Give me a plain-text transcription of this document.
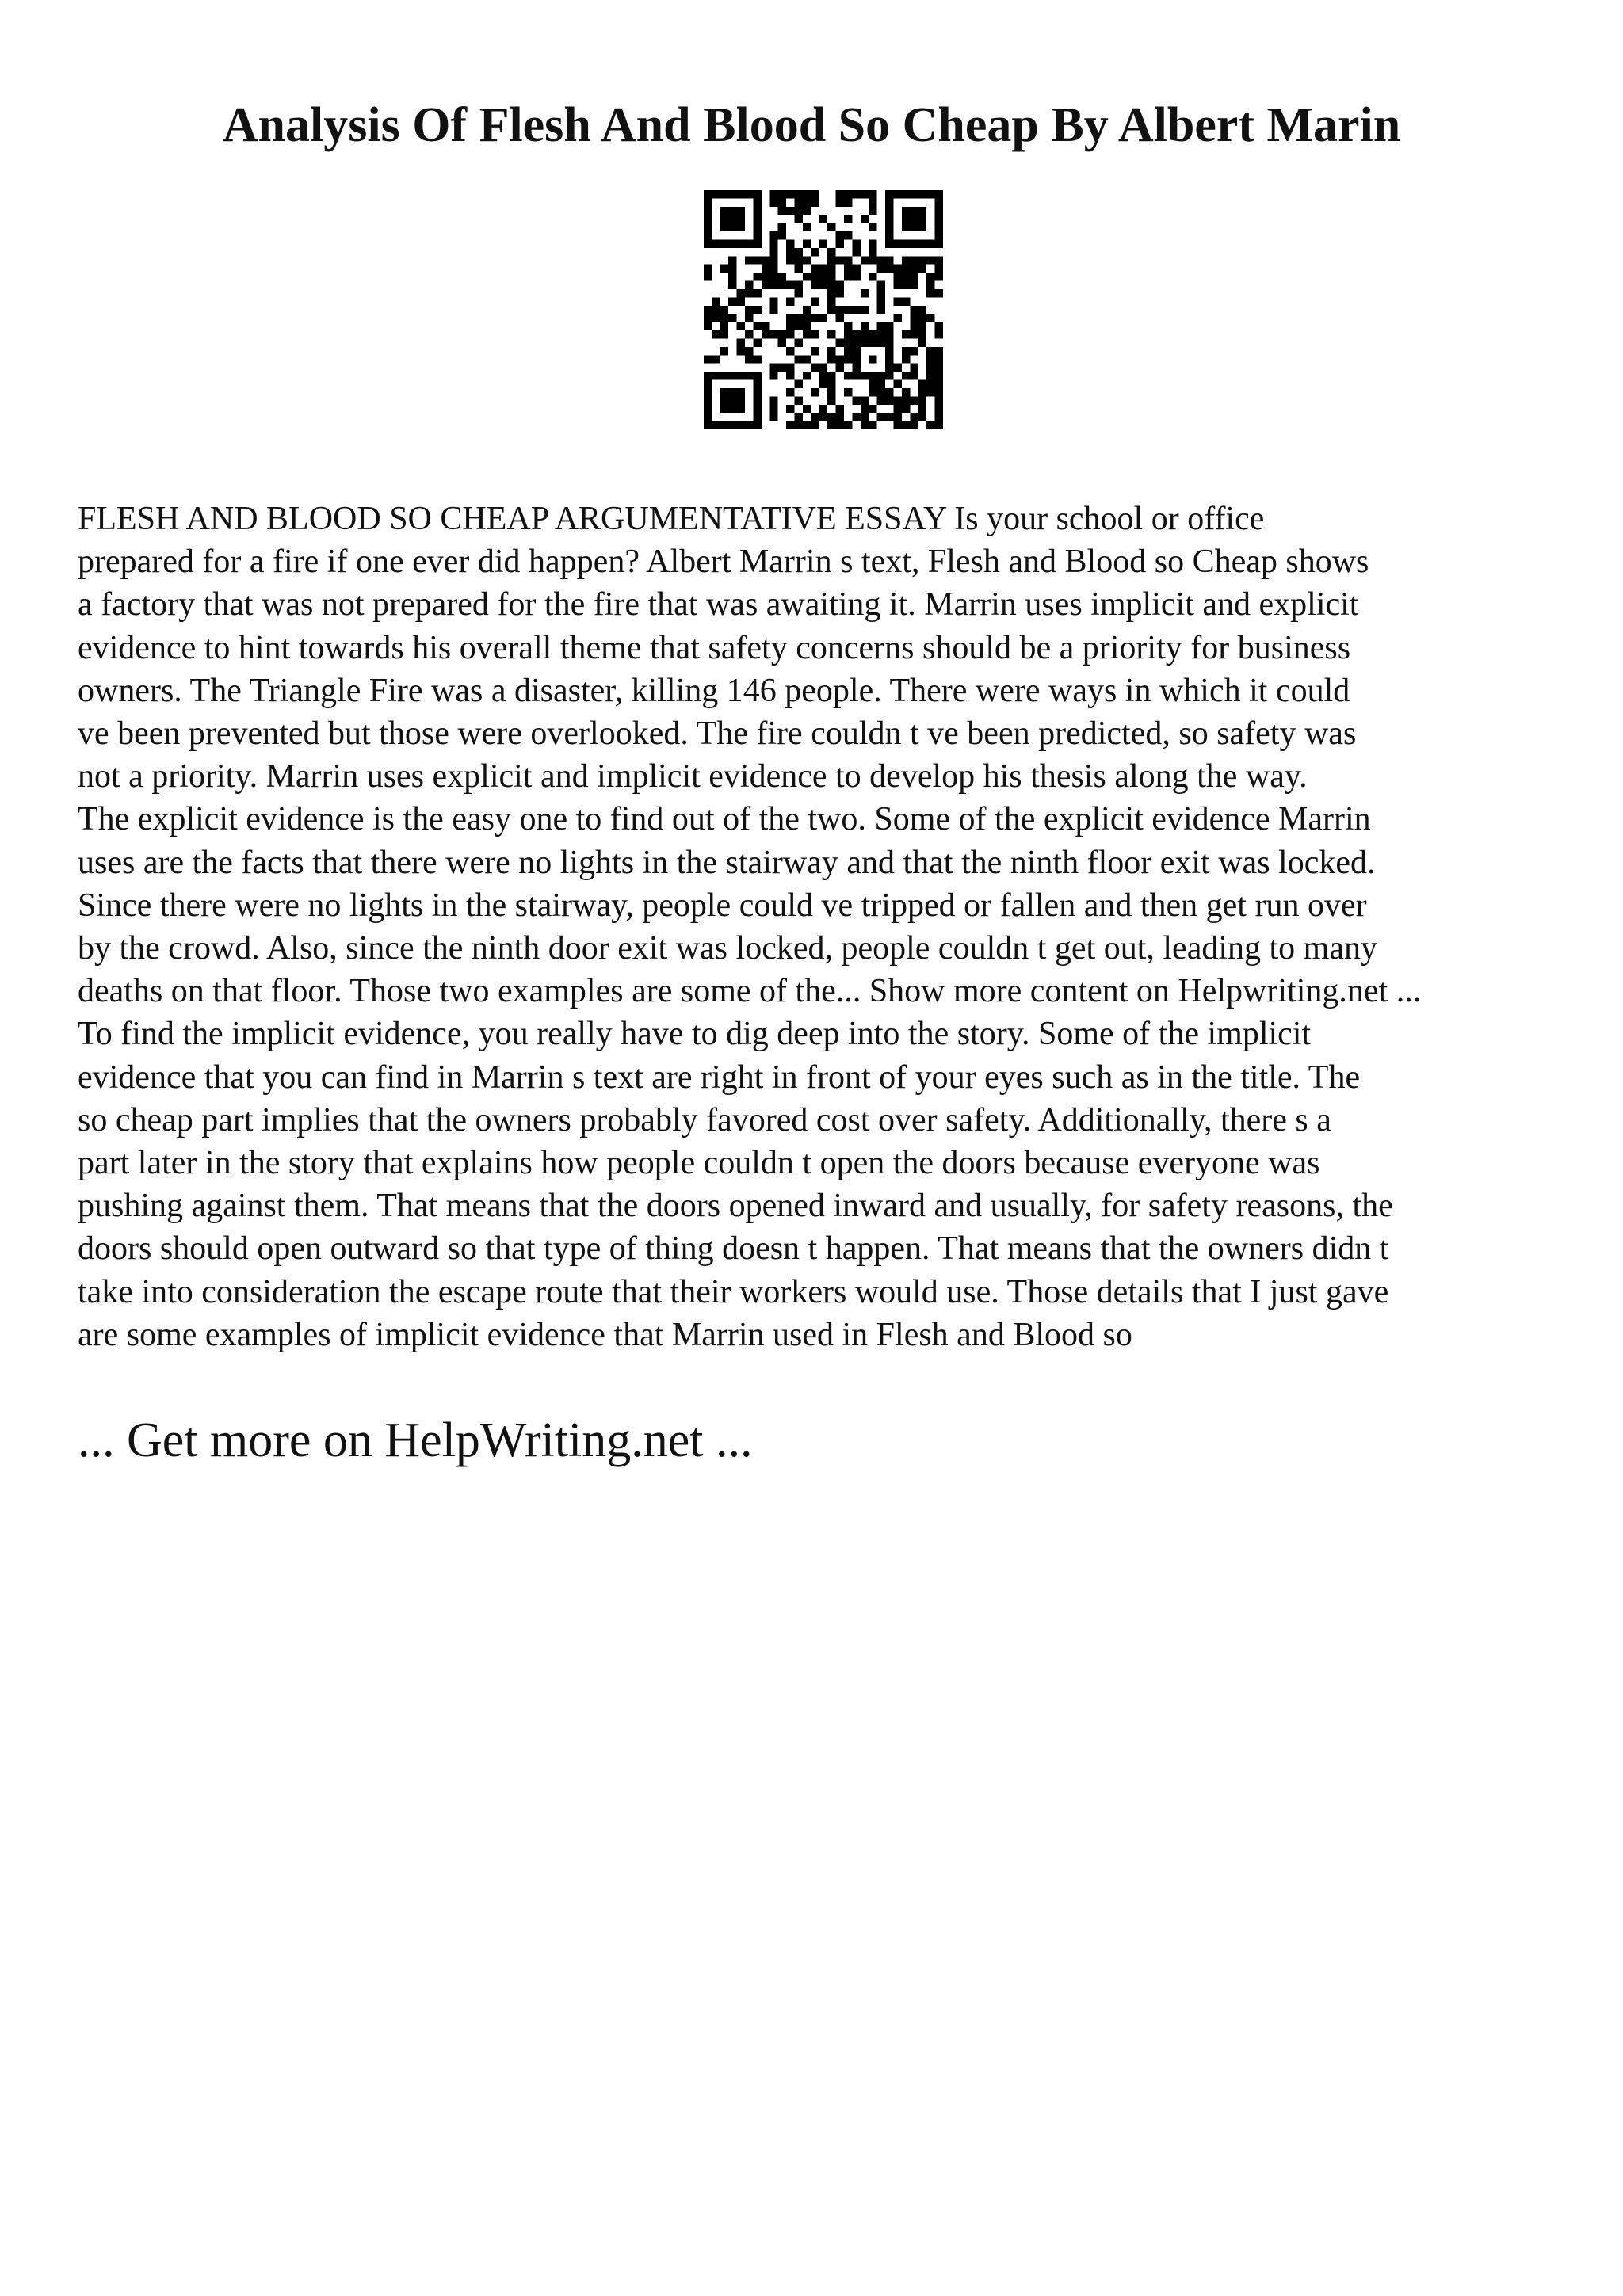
Analysis Of Flesh And Blood So Cheap By Albert Marin

FLESH AND BLOOD SO CHEAP ARGUMENTATIVE ESSAY Is your school or office
prepared for a fire if one ever did happen? Albert Marrin s text, Flesh and Blood so Cheap shows
a factory that was not prepared for the fire that was awaiting it. Marrin uses implicit and explicit
evidence to hint towards his overall theme that safety concerns should be a priority for business
owners. The Triangle Fire was a disaster, killing 146 people. There were ways in which it could
ve been prevented but those were overlooked. The fire couldn t ve been predicted, so safety was
not a priority. Marrin uses explicit and implicit evidence to develop his thesis along the way.
The explicit evidence is the easy one to find out of the two. Some of the explicit evidence Marrin
uses are the facts that there were no lights in the stairway and that the ninth floor exit was locked.
Since there were no lights in the stairway, people could ve tripped or fallen and then get run over
by the crowd. Also, since the ninth door exit was locked, people couldn t get out, leading to many
deaths on that floor. Those two examples are some of the... Show more content on Helpwriting.net ...
To find the implicit evidence, you really have to dig deep into the story. Some of the implicit
evidence that you can find in Marrin s text are right in front of your eyes such as in the title. The
so cheap part implies that the owners probably favored cost over safety. Additionally, there s a
part later in the story that explains how people couldn t open the doors because everyone was
pushing against them. That means that the doors opened inward and usually, for safety reasons, the
doors should open outward so that type of thing doesn t happen. That means that the owners didn t
take into consideration the escape route that their workers would use. Those details that I just gave
are some examples of implicit evidence that Marrin used in Flesh and Blood so

... Get more on HelpWriting.net ...
